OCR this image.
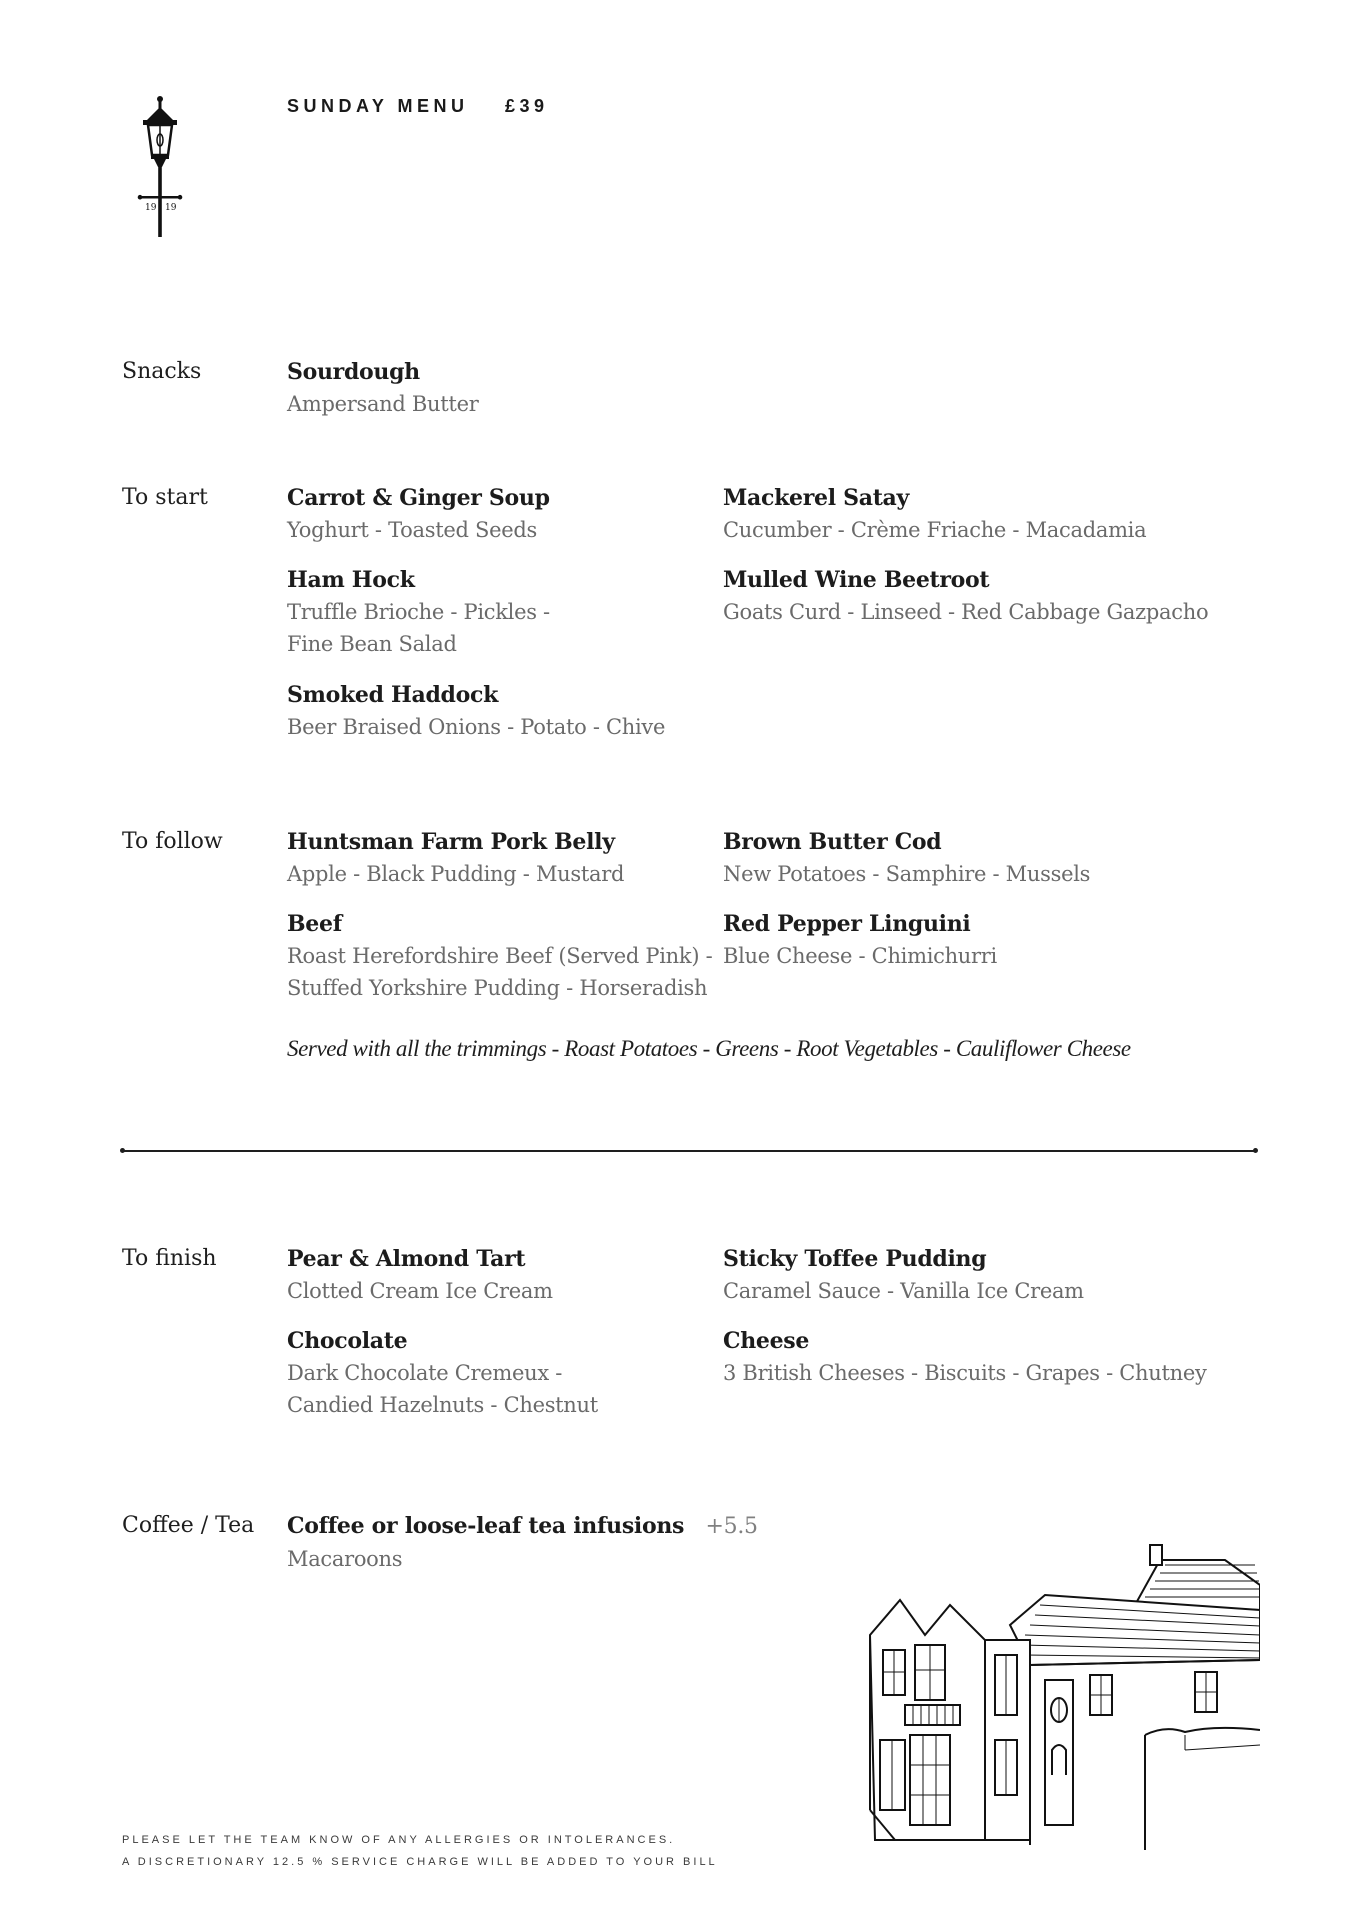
19 19
SUNDAY MENU £39
Snacks	Sourdough
Ampersand Butter
To start	Carrot & Ginger Soup
Yoghurt - Toasted Seeds
Mackerel Satay
Cucumber - Crème Friache - Macadamia
Ham Hock
Truffle Brioche - Pickles -
Fine Bean Salad
Mulled Wine Beetroot
Goats Curd - Linseed - Red Cabbage Gazpacho
Smoked Haddock
Beer Braised Onions - Potato - Chive
To follow	Huntsman Farm Pork Belly
Apple - Black Pudding - Mustard
Brown Butter Cod
New Potatoes - Samphire - Mussels
Beef
Roast Herefordshire Beef (Served Pink) -
Stuffed Yorkshire Pudding - Horseradish
Red Pepper Linguini
Blue Cheese - Chimichurri
Served with all the trimmings - Roast Potatoes - Greens - Root Vegetables - Cauliflower Cheese
To finish	Pear & Almond Tart
Clotted Cream Ice Cream
Sticky Toffee Pudding
Caramel Sauce - Vanilla Ice Cream
Chocolate
Dark Chocolate Cremeux -
Candied Hazelnuts - Chestnut
Cheese
3 British Cheeses - Biscuits - Grapes - Chutney
Coffee / Tea Coffee or loose-leaf tea infusions +5.5
Macaroons
PLEASE LET THE TEAM KNOW OF ANY ALLERGIES OR INTOLERANCES.
A DISCRETIONARY 12.5 % SERVICE CHARGE WILL BE ADDED TO YOUR BILL
